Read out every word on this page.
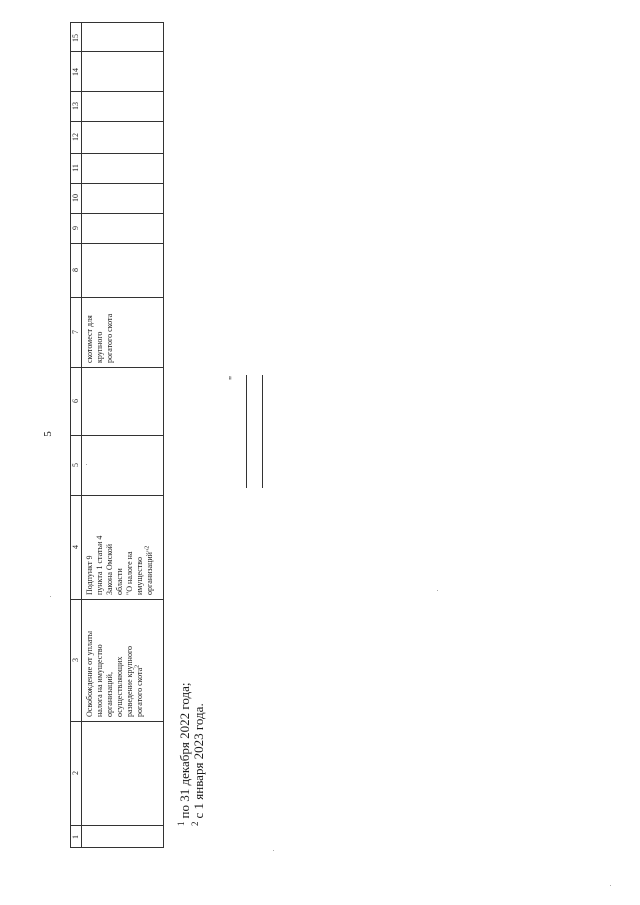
5
15
14
13
12
11
10
9
8
7
6
5
4
3
2
1
скотомест для крупного рогатого скота
Подпункт 9 пункта 1 статьи 4 Закона Омской области "О налоге на имущество организаций"$^2$
Освобождение от уплаты налога на имущество организаций, осуществляющих разведение крупного рогатого скота$^2$
"
$^1$по 31 декабря 2022 года;
$^2$с 1 января 2023 года.
